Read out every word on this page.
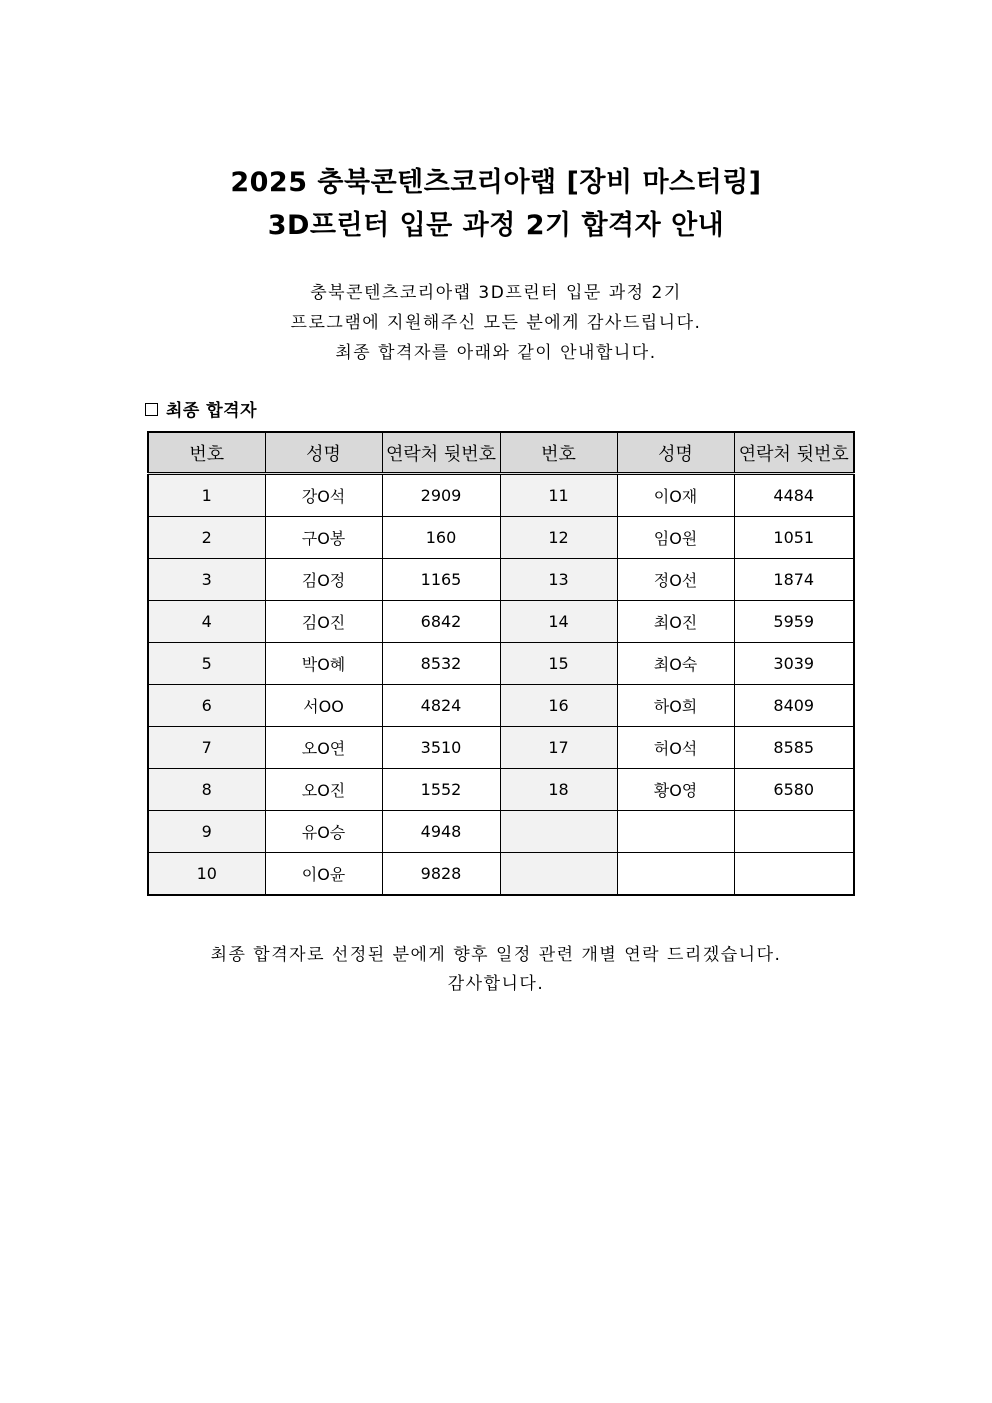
2025 충북콘텐츠코리아랩 [장비 마스터링]
3D프린터 입문 과정 2기 합격자 안내
충북콘텐츠코리아랩 3D프린터 입문 과정 2기
프로그램에 지원해주신 모든 분에게 감사드립니다.
최종 합격자를 아래와 같이 안내합니다.
최종 합격자
번호	성명	연락처 뒷번호	번호	성명	연락처 뒷번호
1	강O석	2909	11	이O재	4484
2	구O봉	160	12	임O원	1051
3	김O정	1165	13	정O선	1874
4	김O진	6842	14	최O진	5959
5	박O혜	8532	15	최O숙	3039
6	서OO	4824	16	하O희	8409
7	오O연	3510	17	허O석	8585
8	오O진	1552	18	황O영	6580
9	유O승	4948			
10	이O윤	9828			
최종 합격자로 선정된 분에게 향후 일정 관련 개별 연락 드리겠습니다.
감사합니다.
